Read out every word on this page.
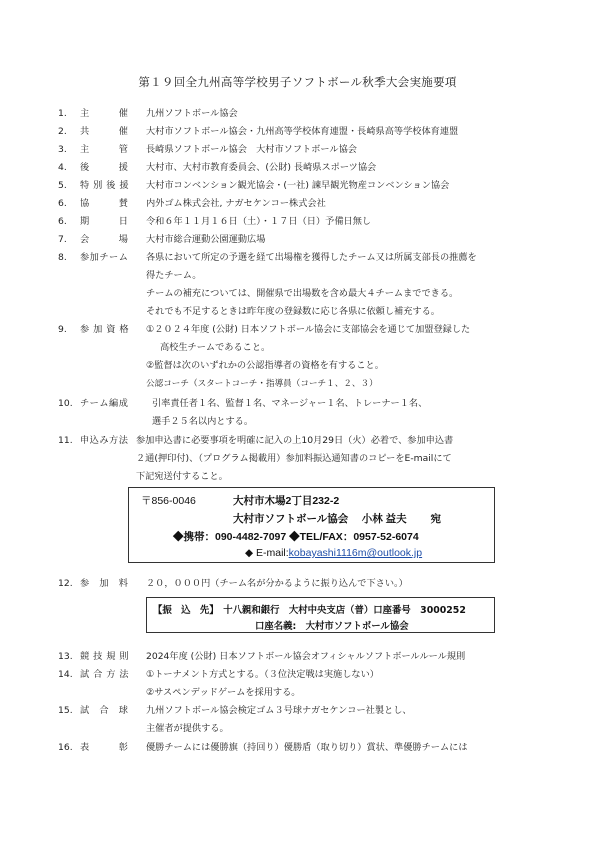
第１９回全九州高等学校男子ソフトボール秋季大会実施要項
1. 主　　　催 九州ソフトボール協会
2. 共　　　催 大村市ソフトボール協会・九州高等学校体育連盟・長崎県高等学校体育連盟
3. 主　　　管 長崎県ソフトボール協会　大村市ソフトボール協会
4. 後　　　援 大村市、大村市教育委員会、(公財) 長崎県スポーツ協会
5. 特 別 後 援 大村市コンベンション観光協会・(一社) 諫早観光物産コンベンション協会
6. 協　　　賛 内外ゴム株式会社, ナガセケンコー株式会社
6. 期　　　日 令和６年１１月１６日（土）・１７日（日）予備日無し
7. 会　　　場 大村市総合運動公園運動広場
8. 参加チーム 各県において所定の予選を経て出場権を獲得したチーム又は所属支部長の推薦を
得たチーム。
チームの補充については、開催県で出場数を含め最大４チームまでできる。
それでも不足するときは昨年度の登録数に応じ各県に依頼し補充する。
9. 参 加 資 格 ①２０２４年度 (公財) 日本ソフトボール協会に支部協会を通じて加盟登録した
高校生チームであること。
②監督は次のいずれかの公認指導者の資格を有すること。
公認コーチ（スタートコーチ・指導員（コーチ１、２、３）
10. チーム編成	引率責任者１名、監督１名、マネージャー１名、トレーナー１名、
選手２５名以内とする。
11. 申込み方法 参加申込書に必要事項を明確に記入の上10月29日（火）必着で、参加申込書
２通(押印付)、（プログラム掲載用）参加料振込通知書のコピーをE-mailにて
下記宛送付すること。
〒856-0046	大村市木場2丁目232-2
大村市ソフトボール協会　 小林 益夫　　 宛
◆携帯：090-4482-7097 ◆TEL/FAX：0957-52-6074
◆ E-mail:kobayashi1116m@outlook.jp
12. 参　加　料 ２０，０００円（チーム名が分かるように振り込んで下さい。）
【振　込　先】　十八親和銀行　大村中央支店（普）口座番号　3000252
口座名義:　大村市ソフトボール協会
13. 競 技 規 則 2024年度 (公財) 日本ソフトボール協会オフィシャルソフトボールルール規則
14. 試 合 方 法 ①トーナメント方式とする。（３位決定戦は実施しない）
②サスペンデッドゲームを採用する。
15. 試　合　球 九州ソフトボール協会検定ゴム３号球ナガセケンコー社製とし、
主催者が提供する。
16. 表　　　彰 優勝チームには優勝旗（持回り）優勝盾（取り切り）賞状、準優勝チームには
